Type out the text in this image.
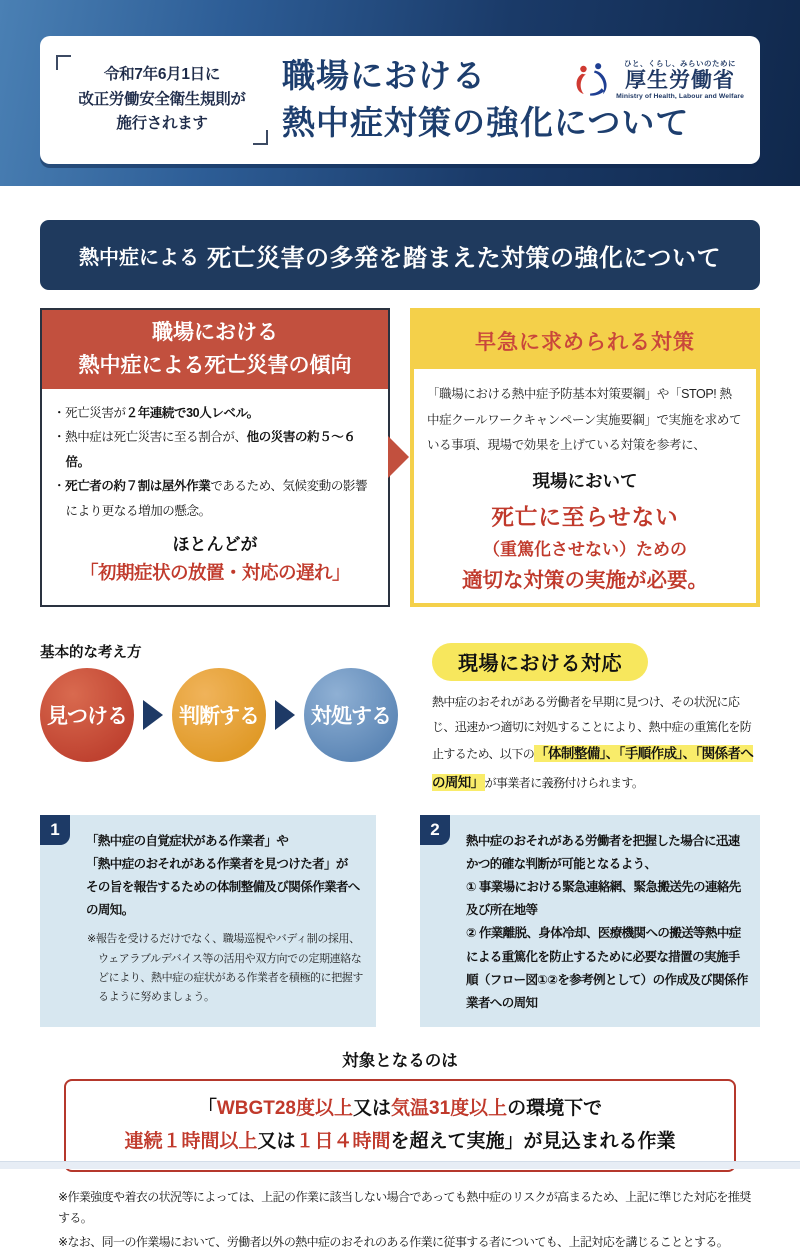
令和7年6月1日に
改正労働安全衛生規則が
施行されます
職場における
熱中症対策の強化について
ひと、くらし、みらいのために
厚生労働省
Ministry of Health, Labour and Welfare
熱中症による 死亡災害の多発を踏まえた対策の強化について
職場における
熱中症による死亡災害の傾向

・死亡災害が２年連続で30人レベル。

・熱中症は死亡災害に至る割合が、他の災害の約５～６倍。

・死亡者の約７割は屋外作業であるため、気候変動の影響により更なる増加の懸念。

ほとんどが
「初期症状の放置・対応の遅れ」
早急に求められる対策

「職場における熱中症予防基本対策要綱」や「STOP! 熱中症クールワークキャンペーン実施要綱」で実施を求めている事項、現場で効果を上げている対策を参考に、

現場において
死亡に至らせない
（重篤化させない）ための
適切な対策の実施が必要。
基本的な考え方
見つける 判断する 対処する
現場における対応

熱中症のおそれがある労働者を早期に見つけ、その状況に応じ、迅速かつ適切に対処することにより、熱中症の重篤化を防止するため、以下の「体制整備」、「手順作成」、「関係者への周知」が事業者に義務付けられます。

1

「熱中症の自覚症状がある作業者」や

「熱中症のおそれがある作業者を見つけた者」が

その旨を報告するための体制整備及び関係作業者への周知。

※報告を受けるだけでなく、職場巡視やバディ制の採用、ウェアラブルデバイス等の活用や双方向での定期連絡などにより、熱中症の症状がある作業者を積極的に把握するように努めましょう。
2

熱中症のおそれがある労働者を把握した場合に迅速かつ的確な判断が可能となるよう、

① 事業場における緊急連絡網、緊急搬送先の連絡先及び所在地等

② 作業離脱、身体冷却、医療機関への搬送等熱中症による重篤化を防止するために必要な措置の実施手順（フロー図①②を参考例として）の作成及び関係作業者への周知

対象となるのは
「WBGT28度以上又は気温31度以上の環境下で
連続１時間以上又は１日４時間を超えて実施」が見込まれる作業

※作業強度や着衣の状況等によっては、上記の作業に該当しない場合であっても熱中症のリスクが高まるため、上記に準じた対応を推奨する。

※なお、同一の作業場において、労働者以外の熱中症のおそれのある作業に従事する者についても、上記対応を講じることとする。
